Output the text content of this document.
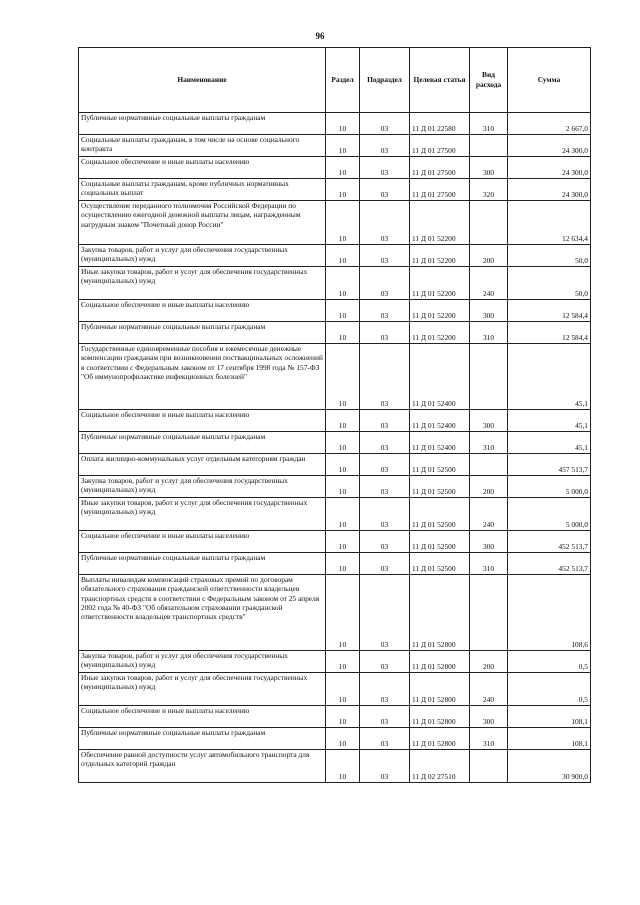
96
Наименование	Раздел	Подраздел	Целевая статья	Вид расхода	Сумма
Публичные нормативные социальные выплаты гражданам	10	03	11 Д 01 22580	310	2 667,0
Социальные выплаты гражданам, в том числе на основе социального контракта	10	03	11 Д 01 27500		24 300,0
Социальное обеспечение и иные выплаты населению	10	03	11 Д 01 27500	300	24 300,0
Социальные выплаты гражданам, кроме публичных нормативных социальных выплат	10	03	11 Д 01 27500	320	24 300,0
Осуществление переданного полномочия Российской Федерации по осуществлению ежегодной денежной выплаты лицам, награжденным нагрудным знаком "Почетный донор России"	10	03	11 Д 01 52200		12 634,4
Закупка товаров, работ и услуг для обеспечения государственных (муниципальных) нужд	10	03	11 Д 01 52200	200	50,0
Иные закупки товаров, работ и услуг для обеспечения государственных (муниципальных) нужд	10	03	11 Д 01 52200	240	50,0
Социальное обеспечение и иные выплаты населению	10	03	11 Д 01 52200	300	12 584,4
Публичные нормативные социальные выплаты гражданам	10	03	11 Д 01 52200	310	12 584,4
Государственные единовременные пособия и ежемесячные денежные компенсации гражданам при возникновении поствакцинальных осложнений в соответствии с Федеральным законом от 17 сентября 1998 года № 157-ФЗ "Об иммунопрофилактике инфекционных болезней"	10	03	11 Д 01 52400		45,1
Социальное обеспечение и иные выплаты населению	10	03	11 Д 01 52400	300	45,1
Публичные нормативные социальные выплаты гражданам	10	03	11 Д 01 52400	310	45,1
Оплата жилищно-коммунальных услуг отдельным категориям граждан	10	03	11 Д 01 52500		457 513,7
Закупка товаров, работ и услуг для обеспечения государственных (муниципальных) нужд	10	03	11 Д 01 52500	200	5 000,0
Иные закупки товаров, работ и услуг для обеспечения государственных (муниципальных) нужд	10	03	11 Д 01 52500	240	5 000,0
Социальное обеспечение и иные выплаты населению	10	03	11 Д 01 52500	300	452 513,7
Публичные нормативные социальные выплаты гражданам	10	03	11 Д 01 52500	310	452 513,7
Выплаты инвалидам компенсаций страховых премий по договорам обязательного страхования гражданской ответственности владельцев транспортных средств в соответствии с Федеральным законом от 25 апреля 2002 года № 40-ФЗ "Об обязательном страховании гражданской ответственности владельцев транспортных средств"	10	03	11 Д 01 52800		108,6
Закупка товаров, работ и услуг для обеспечения государственных (муниципальных) нужд	10	03	11 Д 01 52800	200	0,5
Иные закупки товаров, работ и услуг для обеспечения государственных (муниципальных) нужд	10	03	11 Д 01 52800	240	0,5
Социальное обеспечение и иные выплаты населению	10	03	11 Д 01 52800	300	108,1
Публичные нормативные социальные выплаты гражданам	10	03	11 Д 01 52800	310	108,1
Обеспечение равной доступности услуг автомобильного транспорта для отдельных категорий граждан	10	03	11 Д 02 27510		30 900,0
